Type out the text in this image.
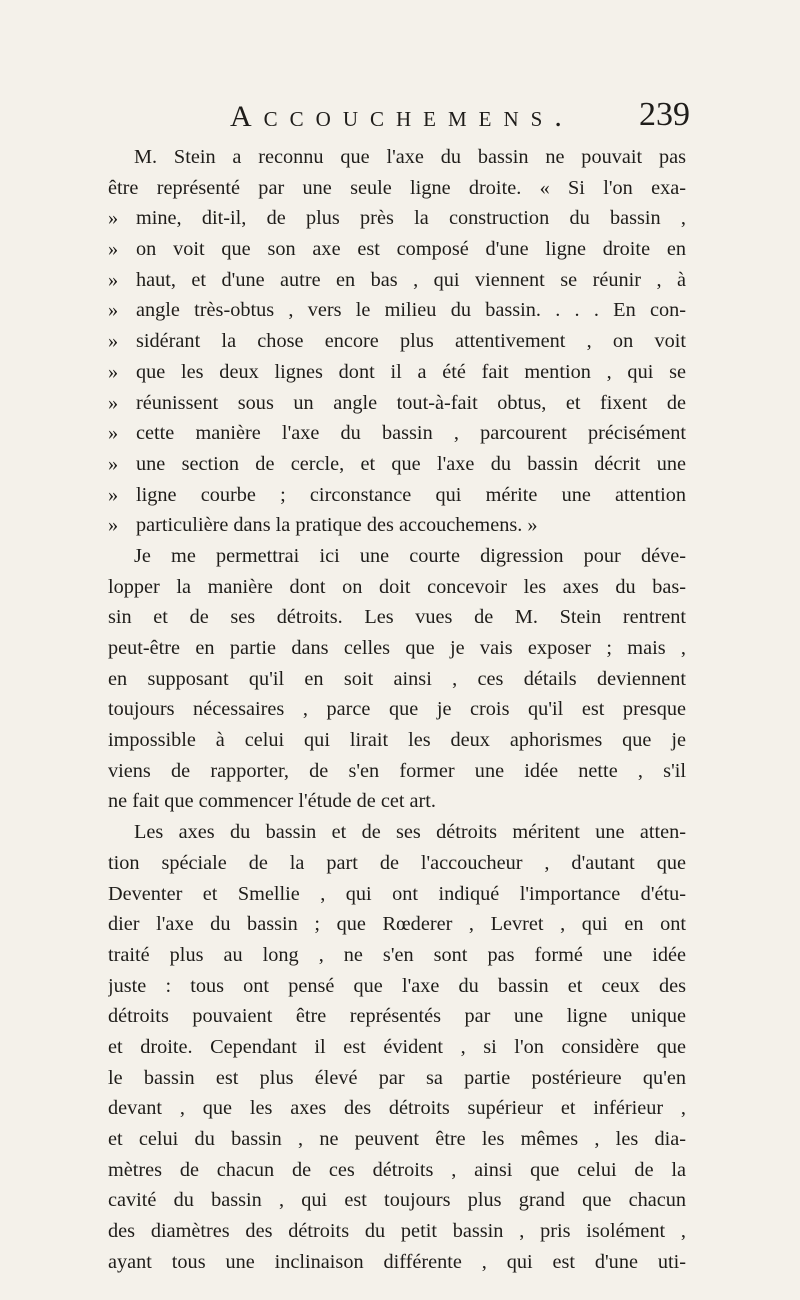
Accouchemens. 239
M. Stein a reconnu que l'axe du bassin ne pouvait pas
être représenté par une seule ligne droite. « Si l'on exa-
» mine, dit-il, de plus près la construction du bassin ,
» on voit que son axe est composé d'une ligne droite en
» haut, et d'une autre en bas , qui viennent se réunir , à
» angle très-obtus , vers le milieu du bassin. . . . En con-
» sidérant la chose encore plus attentivement , on voit
» que les deux lignes dont il a été fait mention , qui se
» réunissent sous un angle tout-à-fait obtus, et fixent de
» cette manière l'axe du bassin , parcourent précisément
» une section de cercle, et que l'axe du bassin décrit une
» ligne courbe ; circonstance qui mérite une attention
» particulière dans la pratique des accouchemens. »
Je me permettrai ici une courte digression pour déve-
lopper la manière dont on doit concevoir les axes du bas-
sin et de ses détroits. Les vues de M. Stein rentrent
peut-être en partie dans celles que je vais exposer ; mais ,
en supposant qu'il en soit ainsi , ces détails deviennent
toujours nécessaires , parce que je crois qu'il est presque
impossible à celui qui lirait les deux aphorismes que je
viens de rapporter, de s'en former une idée nette , s'il
ne fait que commencer l'étude de cet art.
Les axes du bassin et de ses détroits méritent une atten-
tion spéciale de la part de l'accoucheur , d'autant que
Deventer et Smellie , qui ont indiqué l'importance d'étu-
dier l'axe du bassin ; que Rœderer , Levret , qui en ont
traité plus au long , ne s'en sont pas formé une idée
juste : tous ont pensé que l'axe du bassin et ceux des
détroits pouvaient être représentés par une ligne unique
et droite. Cependant il est évident , si l'on considère que
le bassin est plus élevé par sa partie postérieure qu'en
devant , que les axes des détroits supérieur et inférieur ,
et celui du bassin , ne peuvent être les mêmes , les dia-
mètres de chacun de ces détroits , ainsi que celui de la
cavité du bassin , qui est toujours plus grand que chacun
des diamètres des détroits du petit bassin , pris isolément ,
ayant tous une inclinaison différente , qui est d'une uti-
